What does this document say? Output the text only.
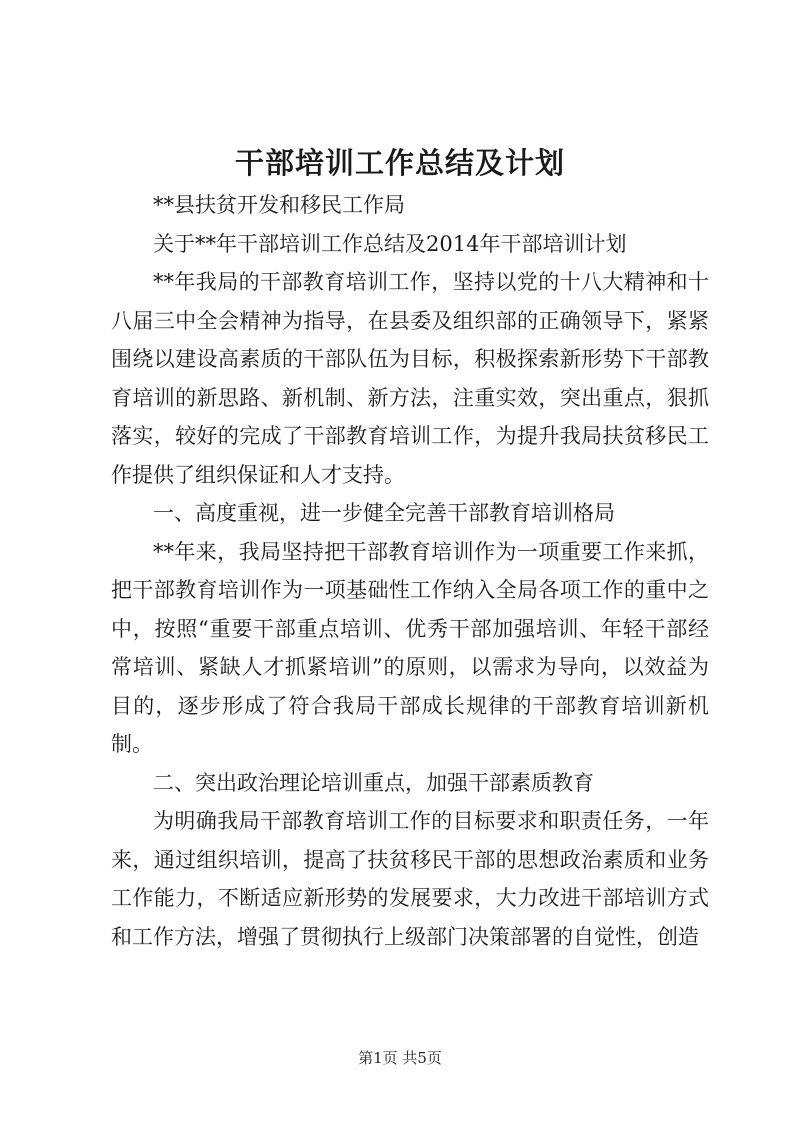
干部培训工作总结及计划

**县扶贫开发和移民工作局

关于**年干部培训工作总结及2014年干部培训计划

**年我局的干部教育培训工作，坚持以党的十八大精神和十八届三中全会精神为指导，在县委及组织部的正确领导下，紧紧围绕以建设高素质的干部队伍为目标，积极探索新形势下干部教育培训的新思路、新机制、新方法，注重实效，突出重点，狠抓落实，较好的完成了干部教育培训工作，为提升我局扶贫移民工作提供了组织保证和人才支持。

一、高度重视，进一步健全完善干部教育培训格局

**年来，我局坚持把干部教育培训作为一项重要工作来抓，把干部教育培训作为一项基础性工作纳入全局各项工作的重中之中，按照“重要干部重点培训、优秀干部加强培训、年轻干部经常培训、紧缺人才抓紧培训”的原则，以需求为导向，以效益为目的，逐步形成了符合我局干部成长规律的干部教育培训新机制。

二、突出政治理论培训重点，加强干部素质教育

为明确我局干部教育培训工作的目标要求和职责任务，一年来，通过组织培训，提高了扶贫移民干部的思想政治素质和业务工作能力，不断适应新形势的发展要求，大力改进干部培训方式和工作方法，增强了贯彻执行上级部门决策部署的自觉性，创造

第1页 共5页
